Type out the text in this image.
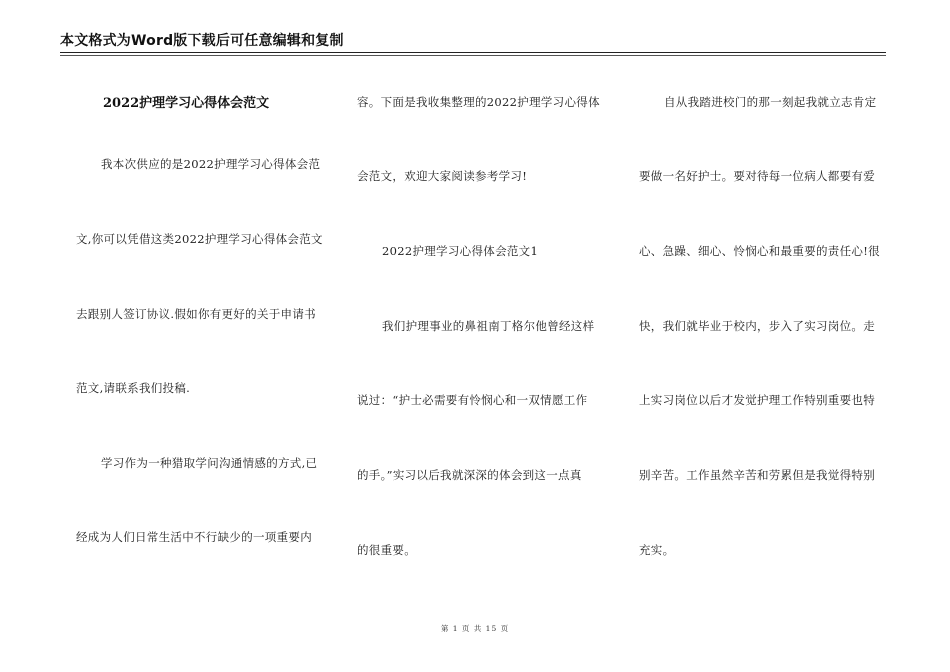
本文格式为Word版下载后可任意编辑和复制
2022护理学习心得体会范文
我本次供应的是2022护理学习心得体会范
文,你可以凭借这类2022护理学习心得体会范文
去跟别人签订协议.假如你有更好的关于申请书
范文,请联系我们投稿.
学习作为一种猎取学问沟通情感的方式,已
经成为人们日常生活中不行缺少的一项重要内
容。下面是我收集整理的2022护理学习心得体
会范文，欢迎大家阅读参考学习!
2022护理学习心得体会范文1
我们护理事业的鼻祖南丁格尔他曾经这样
说过：“护士必需要有怜悯心和一双情愿工作
的手。”实习以后我就深深的体会到这一点真
的很重要。
自从我踏进校门的那一刻起我就立志肯定
要做一名好护士。要对待每一位病人都要有爱
心、急躁、细心、怜悯心和最重要的责任心!很
快，我们就毕业于校内，步入了实习岗位。走
上实习岗位以后才发觉护理工作特别重要也特
别辛苦。工作虽然辛苦和劳累但是我觉得特别
充实。
第 1 页 共 15 页
